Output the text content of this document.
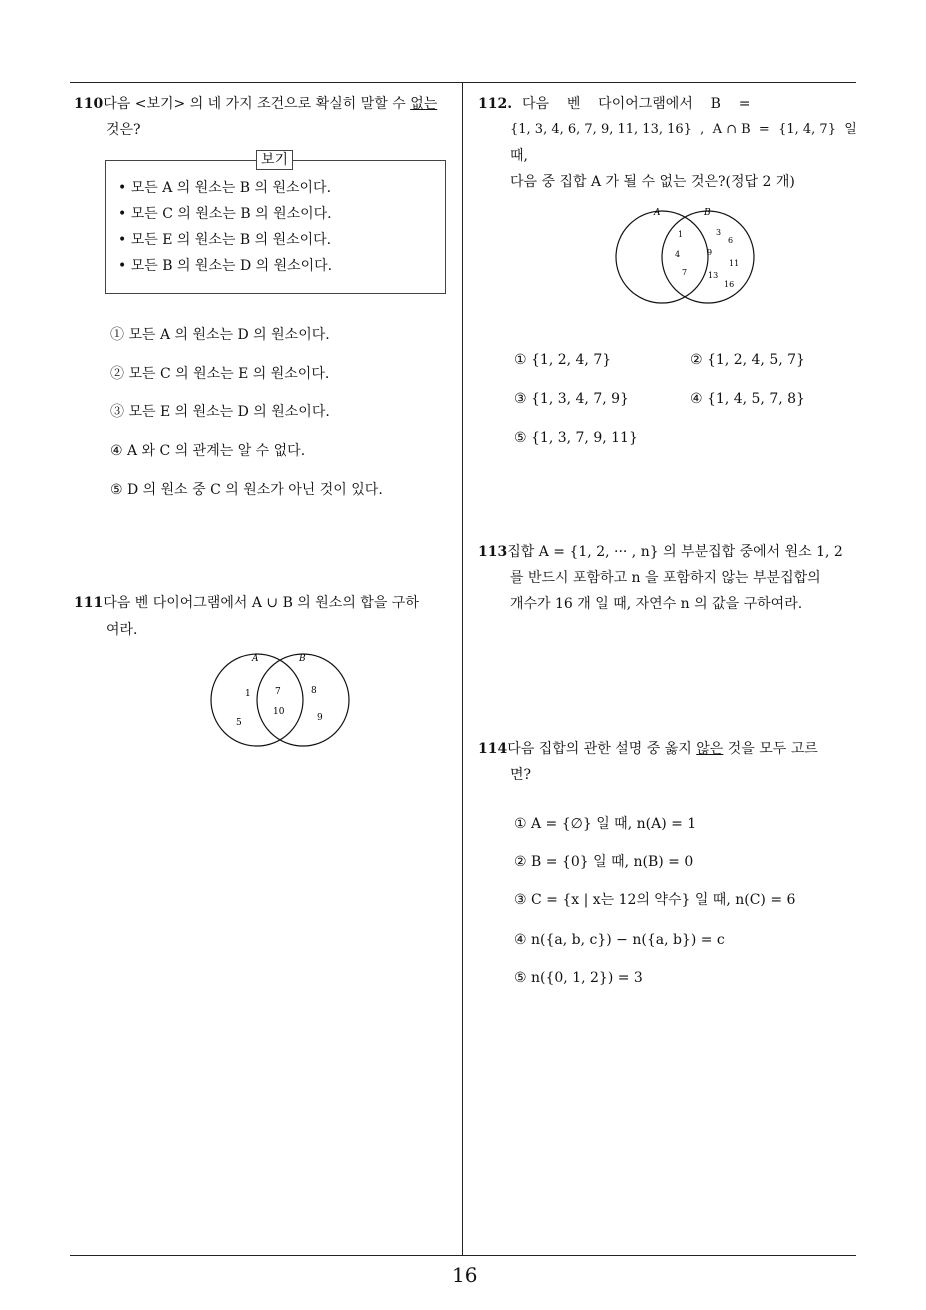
110다음 <보기> 의 네 가지 조건으로 확실히 말할 수 없는
것은?
보기
• 모든 A 의 원소는 B 의 원소이다.
• 모든 C 의 원소는 B 의 원소이다.
• 모든 E 의 원소는 B 의 원소이다.
• 모든 B 의 원소는 D 의 원소이다.
① 모든 A 의 원소는 D 의 원소이다.
② 모든 C 의 원소는 E 의 원소이다.
③ 모든 E 의 원소는 D 의 원소이다.
④ A 와 C 의 관계는 알 수 없다.
⑤ D 의 원소 중 C 의 원소가 아닌 것이 있다.
111다음 벤 다이어그램에서 A ∪ B 의 원소의 합을 구하
여라.
A	B
1
5
7
10
8
9
112. 다음    벤    다이어그램에서    B    =
{1, 3, 4, 6, 7, 9, 11, 13, 16}  ,  A ∩ B  =  {1, 4, 7}  일
때,
다음 중 집합 A 가 될 수 없는 것은?(정답 2 개)
A	B
1
4
7
3
6
9
11
13
16
① {1, 2, 4, 7}	② {1, 2, 4, 5, 7}
③ {1, 3, 4, 7, 9}	④ {1, 4, 5, 7, 8}
⑤ {1, 3, 7, 9, 11}
113집합 A = {1, 2, ··· , n} 의 부분집합 중에서 원소 1, 2
를 반드시 포함하고 n 을 포함하지 않는 부분집합의
개수가 16 개 일 때, 자연수 n 의 값을 구하여라.
114다음 집합의 관한 설명 중 옳지 않은 것을 모두 고르
면?
① A = {∅} 일 때, n(A) = 1
② B = {0} 일 때, n(B) = 0
③ C = {x | x는 12의 약수} 일 때, n(C) = 6
④ n({a, b, c}) − n({a, b}) = c
⑤ n({0, 1, 2}) = 3
16
